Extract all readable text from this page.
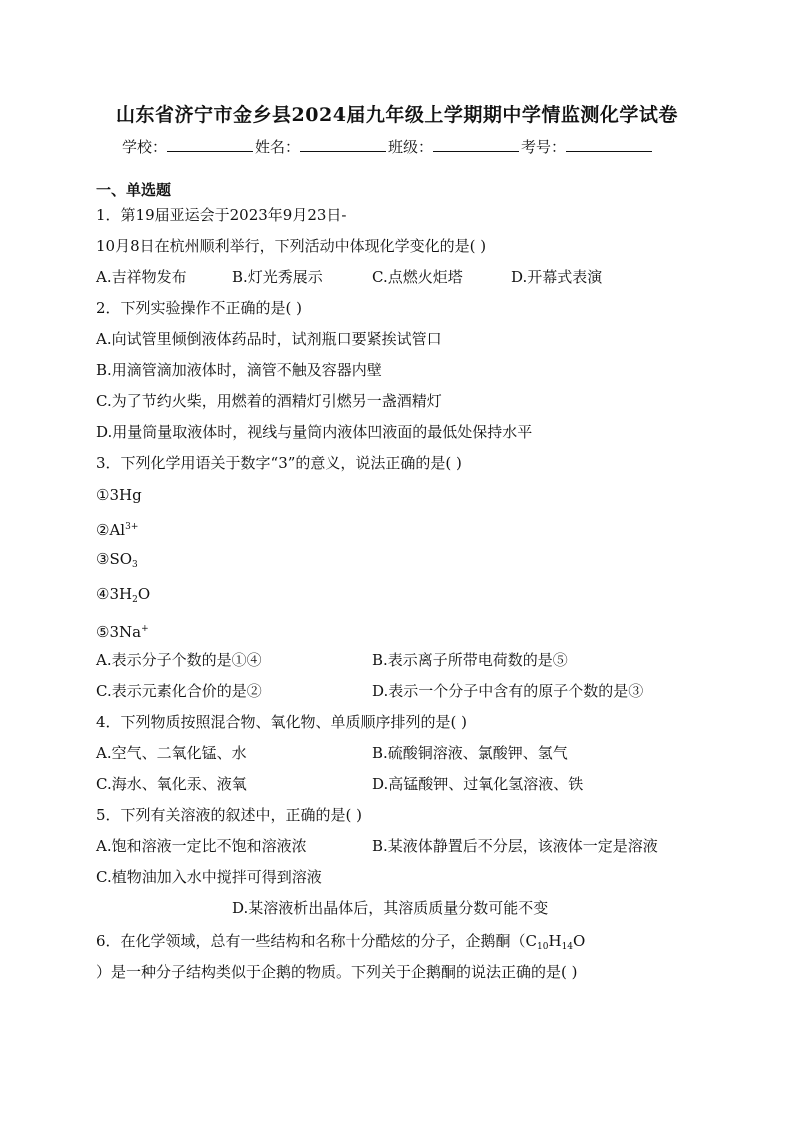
山东省济宁市金乡县2024届九年级上学期期中学情监测化学试卷
学校：	姓名：	班级：	考号：
一、单选题
1．第19届亚运会于2023年9月23日-
10月8日在杭州顺利举行，下列活动中体现化学变化的是( )
A.吉祥物发布	B.灯光秀展示	C.点燃火炬塔	D.开幕式表演
2．下列实验操作不正确的是( )
A.向试管里倾倒液体药品时，试剂瓶口要紧挨试管口
B.用滴管滴加液体时，滴管不触及容器内壁
C.为了节约火柴，用燃着的酒精灯引燃另一盏酒精灯
D.用量筒量取液体时，视线与量筒内液体凹液面的最低处保持水平
3．下列化学用语关于数字“3”的意义，说法正确的是( )
①3Hg
$②Al^{3+}$
$③SO_3$
$④3H_2O$
⑤3Na+
A.表示分子个数的是①④	B.表示离子所带电荷数的是⑤
C.表示元素化合价的是②	D.表示一个分子中含有的原子个数的是③
4．下列物质按照混合物、氧化物、单质顺序排列的是( )
A.空气、二氧化锰、水	B.硫酸铜溶液、氯酸钾、氢气
C.海水、氧化汞、液氧	D.高锰酸钾、过氧化氢溶液、铁
5．下列有关溶液的叙述中，正确的是( )
A.饱和溶液一定比不饱和溶液浓	B.某液体静置后不分层，该液体一定是溶液
C.植物油加入水中搅拌可得到溶液
D.某溶液析出晶体后，其溶质质量分数可能不变
6．在化学领域，总有一些结构和名称十分酷炫的分子，企鹅酮（$C_{10}H_{14}O$
）是一种分子结构类似于企鹅的物质。下列关于企鹅酮的说法正确的是( )
